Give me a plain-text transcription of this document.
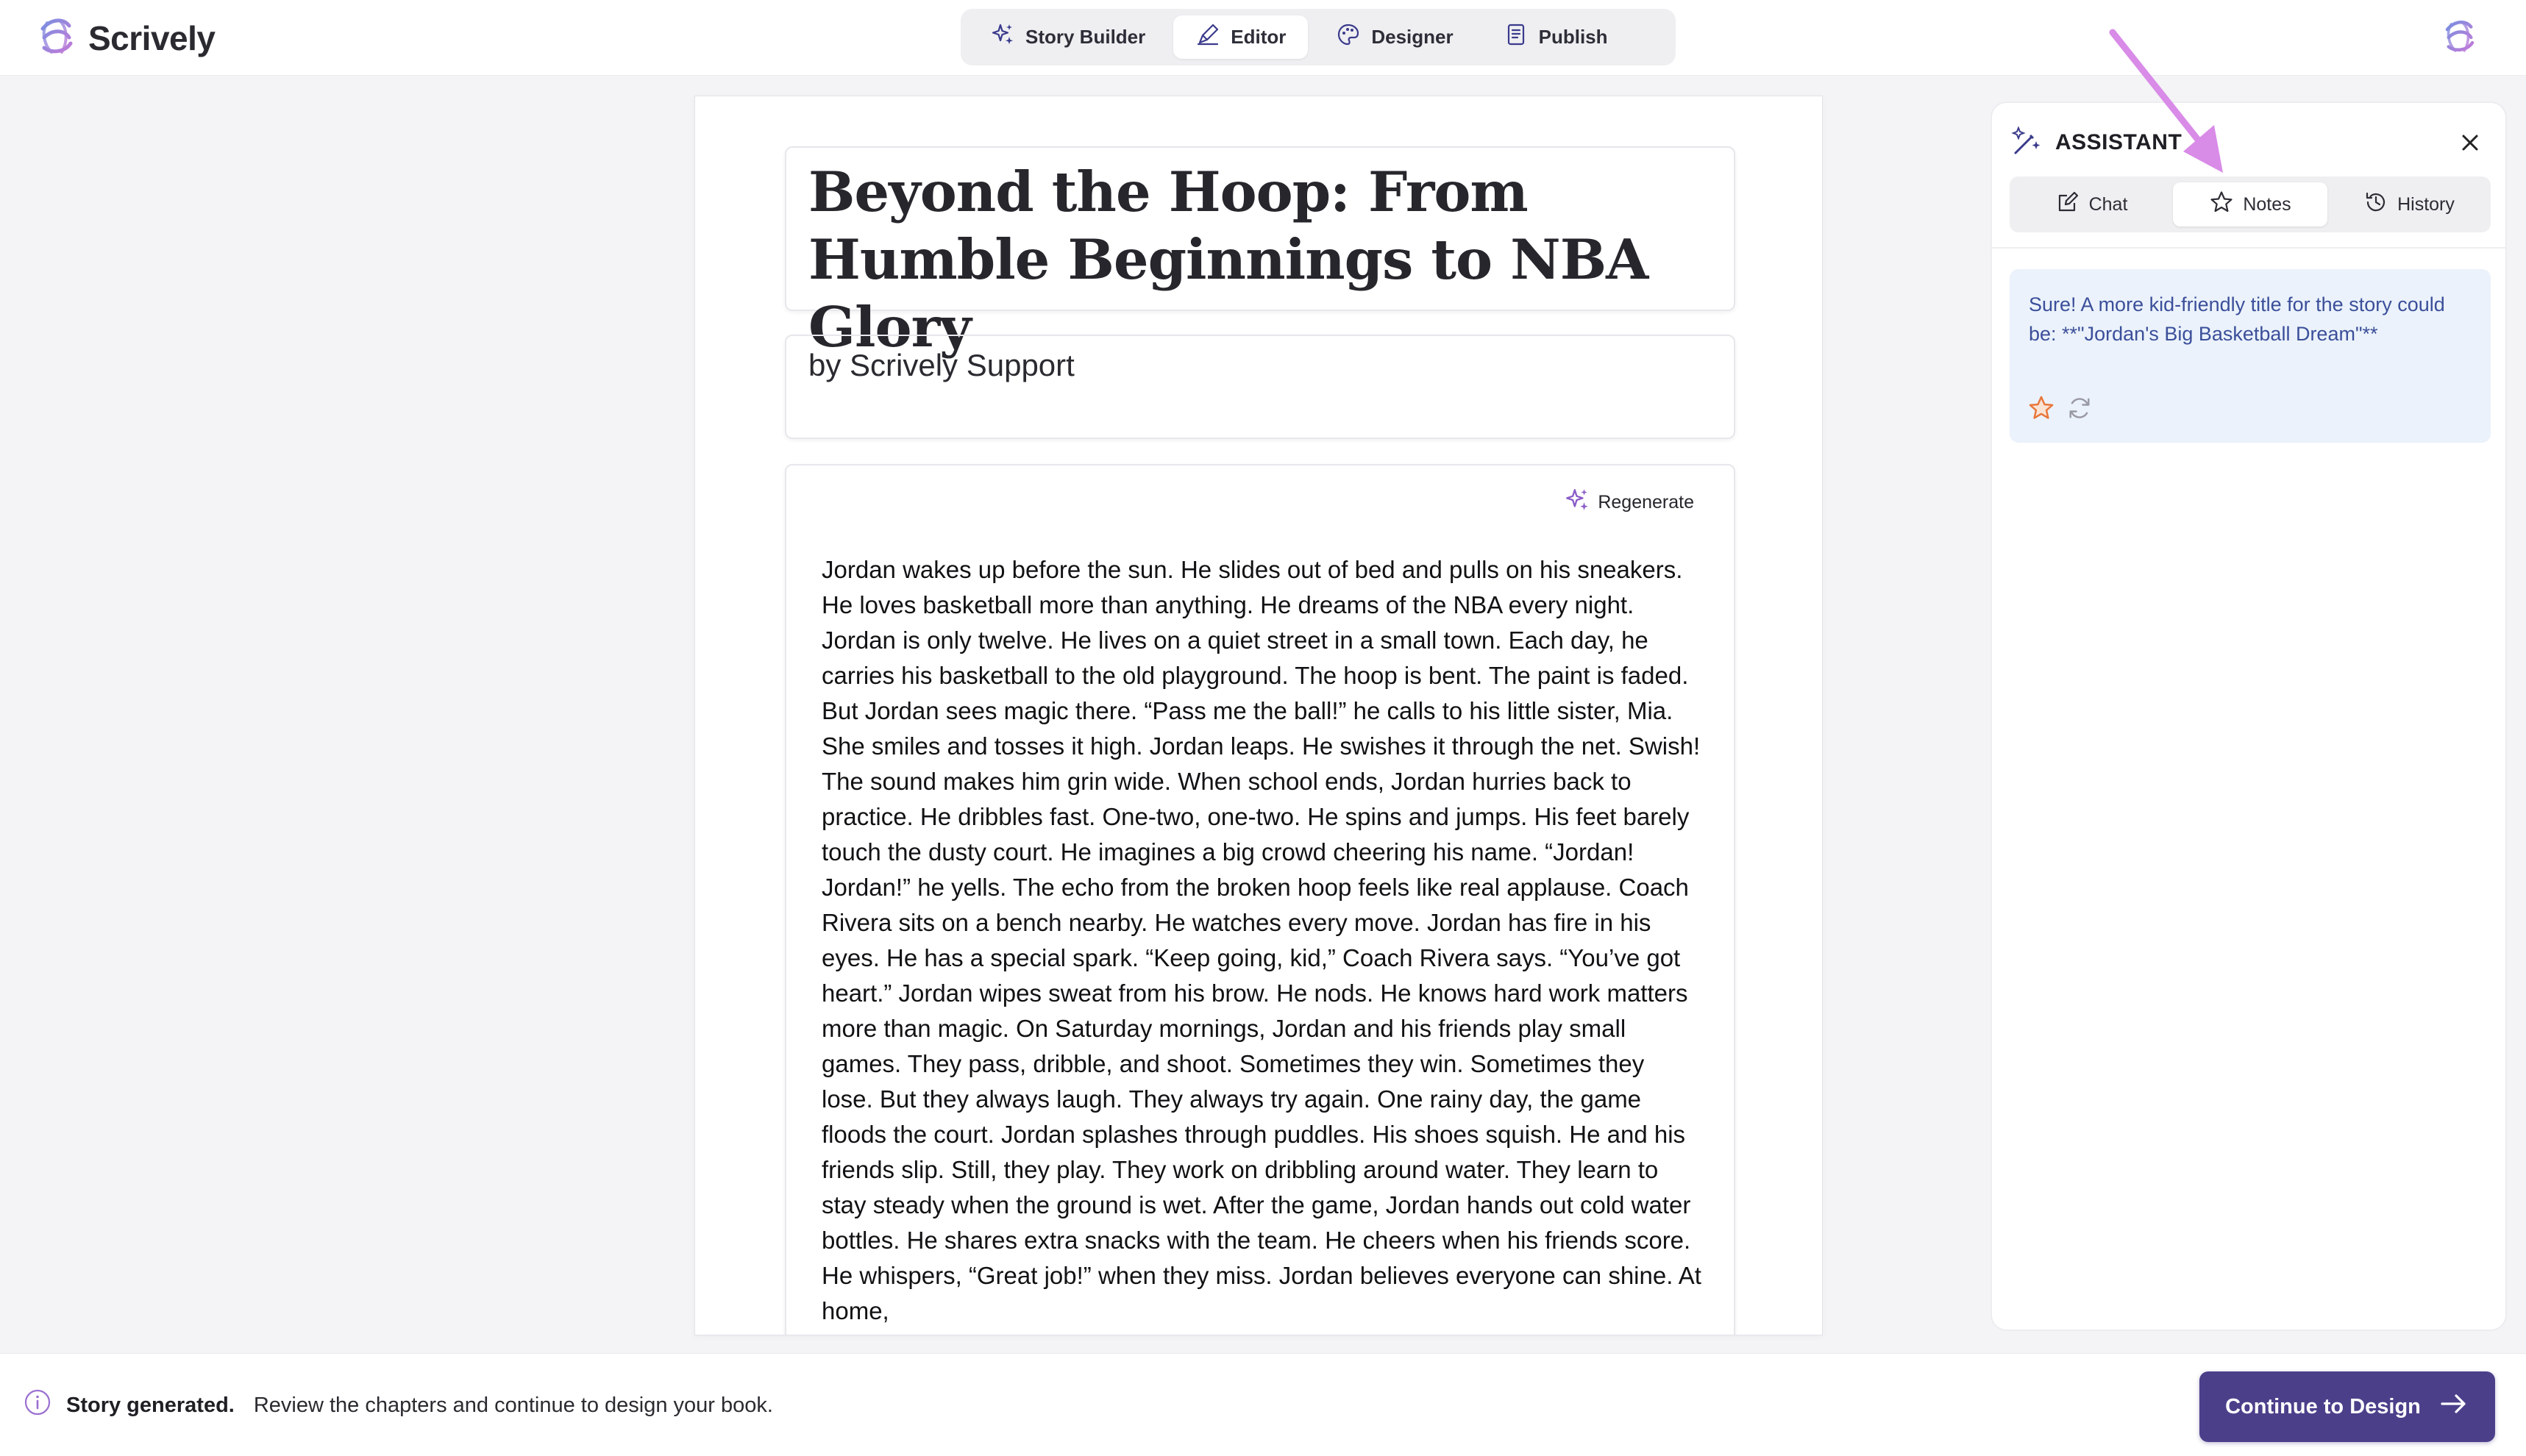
Scrively	Story Builder	Editor	Designer	Publish
Beyond the Hoop: From Humble Beginnings to NBA Glory
by Scrively Support
Regenerate
Jordan wakes up before the sun. He slides out of bed and pulls on his sneakers. He loves basketball more than anything. He dreams of the NBA every night. Jordan is only twelve. He lives on a quiet street in a small town. Each day, he carries his basketball to the old playground. The hoop is bent. The paint is faded. But Jordan sees magic there. “Pass me the ball!” he calls to his little sister, Mia. She smiles and tosses it high. Jordan leaps. He swishes it through the net. Swish! The sound makes him grin wide. When school ends, Jordan hurries back to practice. He dribbles fast. One-two, one-two. He spins and jumps. His feet barely touch the dusty court. He imagines a big crowd cheering his name. “Jordan! Jordan!” he yells. The echo from the broken hoop feels like real applause. Coach Rivera sits on a bench nearby. He watches every move. Jordan has fire in his eyes. He has a special spark. “Keep going, kid,” Coach Rivera says. “You’ve got heart.” Jordan wipes sweat from his brow. He nods. He knows hard work matters more than magic. On Saturday mornings, Jordan and his friends play small games. They pass, dribble, and shoot. Sometimes they win. Sometimes they lose. But they always laugh. They always try again. One rainy day, the game floods the court. Jordan splashes through puddles. His shoes squish. He and his friends slip. Still, they play. They work on dribbling around water. They learn to stay steady when the ground is wet. After the game, Jordan hands out cold water bottles. He shares extra snacks with the team. He cheers when his friends score. He whispers, “Great job!” when they miss. Jordan believes everyone can shine. At home,
ASSISTANT
Chat	Notes	History
Sure! A more kid-friendly title for the story could be: **"Jordan's Big Basketball Dream"**
Story generated. Review the chapters and continue to design your book.	Continue to Design
